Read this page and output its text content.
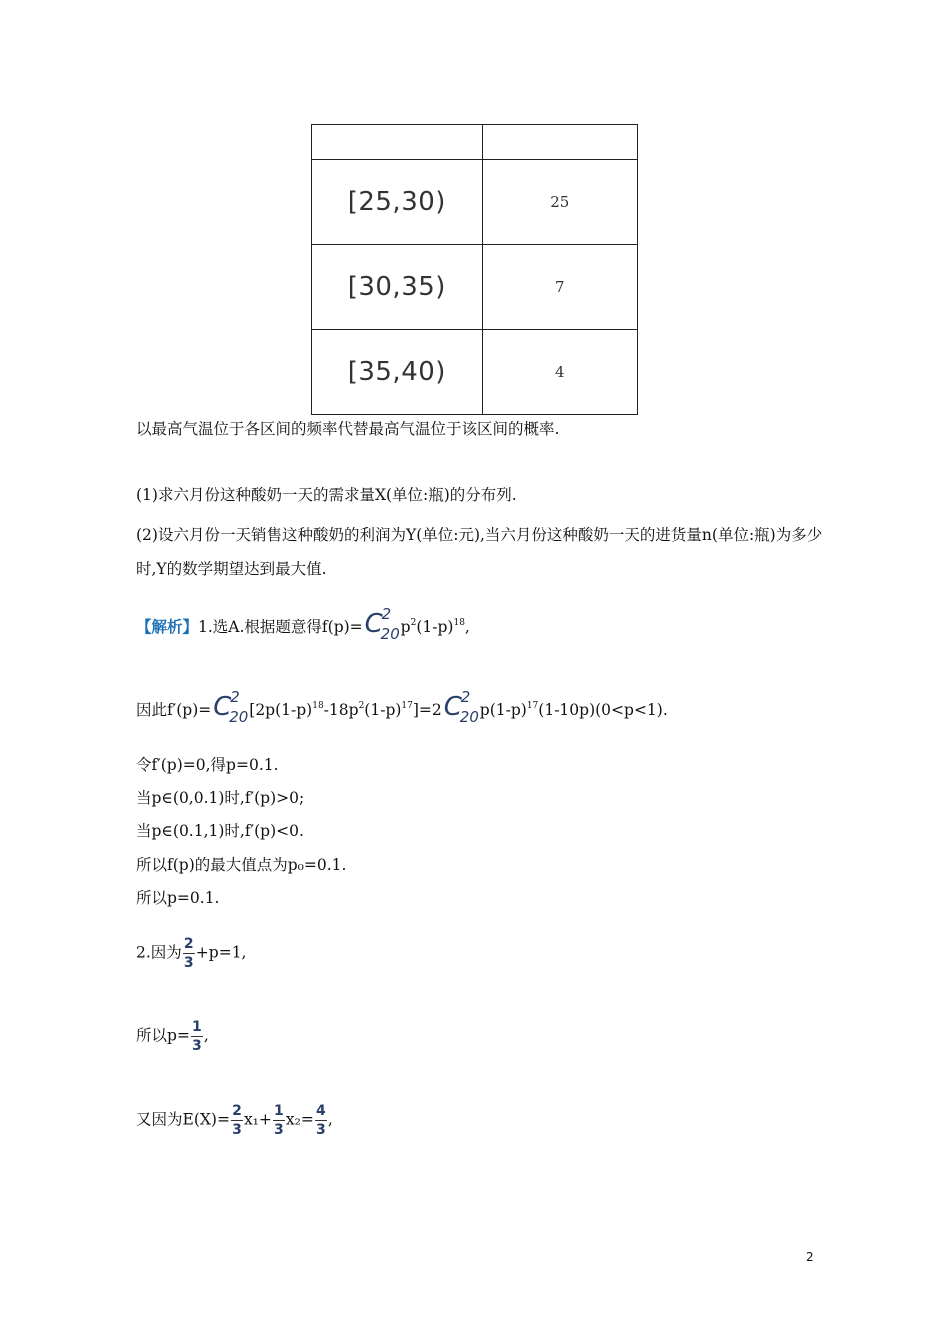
[25,30)	25
[30,35)	7
[35,40)	4
以最高气温位于各区间的频率代替最高气温位于该区间的概率.
(1)求六月份这种酸奶一天的需求量X(单位:瓶)的分布列.
(2)设六月份一天销售这种酸奶的利润为Y(单位:元),当六月份这种酸奶一天的进货量n(单位:瓶)为多少时,Y的数学期望达到最大值.
【解析】1.选A.根据题意得f(p)=C
2
20 $p^2(1-p)^{18}$,
因此f′(p)=C
2
20 $[2p(1-p)^{18}-18p^2(1-p)^{17}]=2C$
2
20 $p(1-p)^{17}(1-10p)(0<p<1)$.
令f′(p)=0,得p=0.1.
当p∈(0,0.1)时,f′(p)>0;
当p∈(0.1,1)时,f′(p)<0.
所以f(p)的最大值点为p₀=0.1.
所以p=0.1.
2.因为 $\frac{2}{3} +p=1$,
所以$p= \frac{1}{3}$ ,
又因为$E(X)= \frac{2}{3} x_1+ \frac{1}{3} x_2= \frac{4}{3}$ ,
2
